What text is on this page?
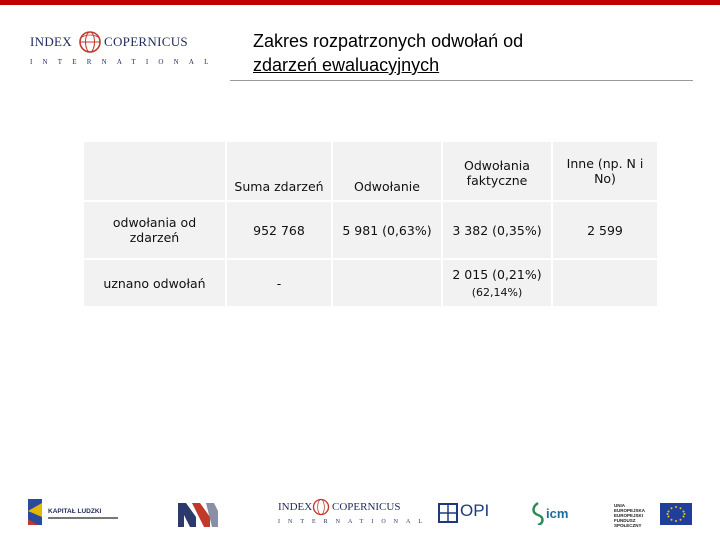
INDEX COPERNICUS
INTERNATIONAL
Zakres rozpatrzonych odwołań od
zdarzeń ewaluacyjnych
	Suma zdarzeń	Odwołanie	Odwołania faktyczne	Inne (np. N i No)
odwołania od zdarzeń	952 768	5 981 (0,63%)	3 382 (0,35%)	2 599
uznano odwołań	-		2 015 (0,21%)
(62,14%)	

KAPITAŁ LUDZKI	INDEX COPERNICUS
INTERNATIONAL
OPI	icm
UNIA EUROPEJSKA EUROPEJSKI FUNDUSZ SPOŁECZNY
